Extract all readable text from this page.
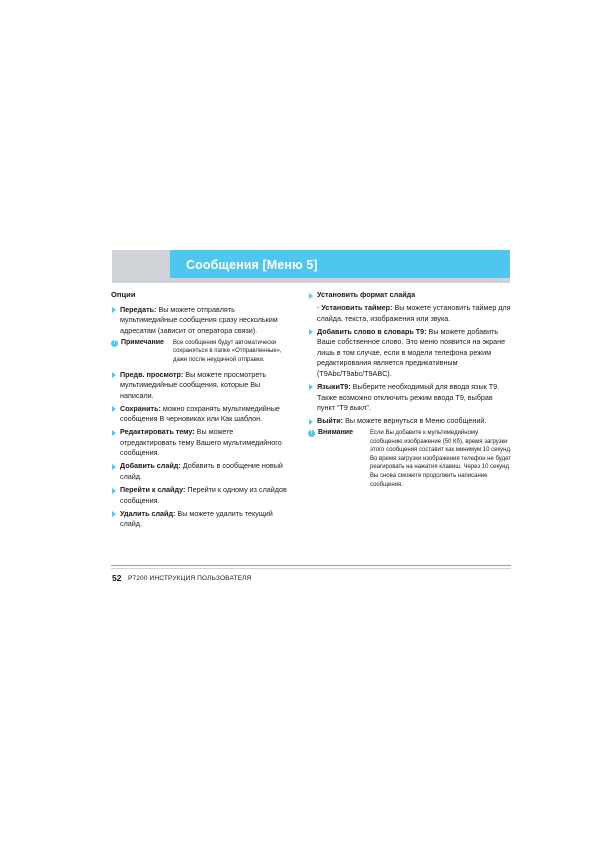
Сообщения [Меню 5]
Опции
Передать: Вы можете отправлять мультимедийные сообщения сразу нескольким адресатам (зависит от оператора связи).
! Примечание	Все сообщения будут автоматически сохраняться в папке «Отправленные», даже после неудачной отправки.
Предв. просмотр: Вы можете просмотреть мультимедийные сообщения, которые Вы написали.
Сохранить: можно сохранять мультимедийные сообщения В черновиках или Как шаблон.
Редактировать тему: Вы можете отредактировать тему Вашего мультимедийного сообщения.
Добавить слайд: Добавить в сообщение новый слайд.
Перейти к слайду: Перейти к одному из слайдов сообщения.
Удалить слайд: Вы можете удалить текущий слайд.
Установить формат слайда
- Установить таймер: Вы можете установить таймер для слайда, текста, изображения или звука.
Добавить слово в словарь Т9: Вы можете добавить Ваше собственное слово. Это меню появится на экране лишь в том случае, если в модели телефона режим редактирования является предикативным (T9Abc/T9abc/T9ABC).
ЯзыкиТ9: Выберите необходимый для ввода язык Т9. Также возможно отключить режим ввода Т9, выбрав пункт "Т9 выкл".
Выйти: Вы можете вернуться в Меню сообщений.
! Внимание	Если Вы добавите к мультимедийному сообщению изображение (50 Кб), время загрузки этого сообщения составит как минимум 10 секунд. Во время загрузки изображения телефон не будет реагировать на нажатия клавиш. Через 10 секунд Вы снова сможете продолжить написание сообщения.
52 P7200 ИНСТРУКЦИЯ ПОЛЬЗОВАТЕЛЯ
